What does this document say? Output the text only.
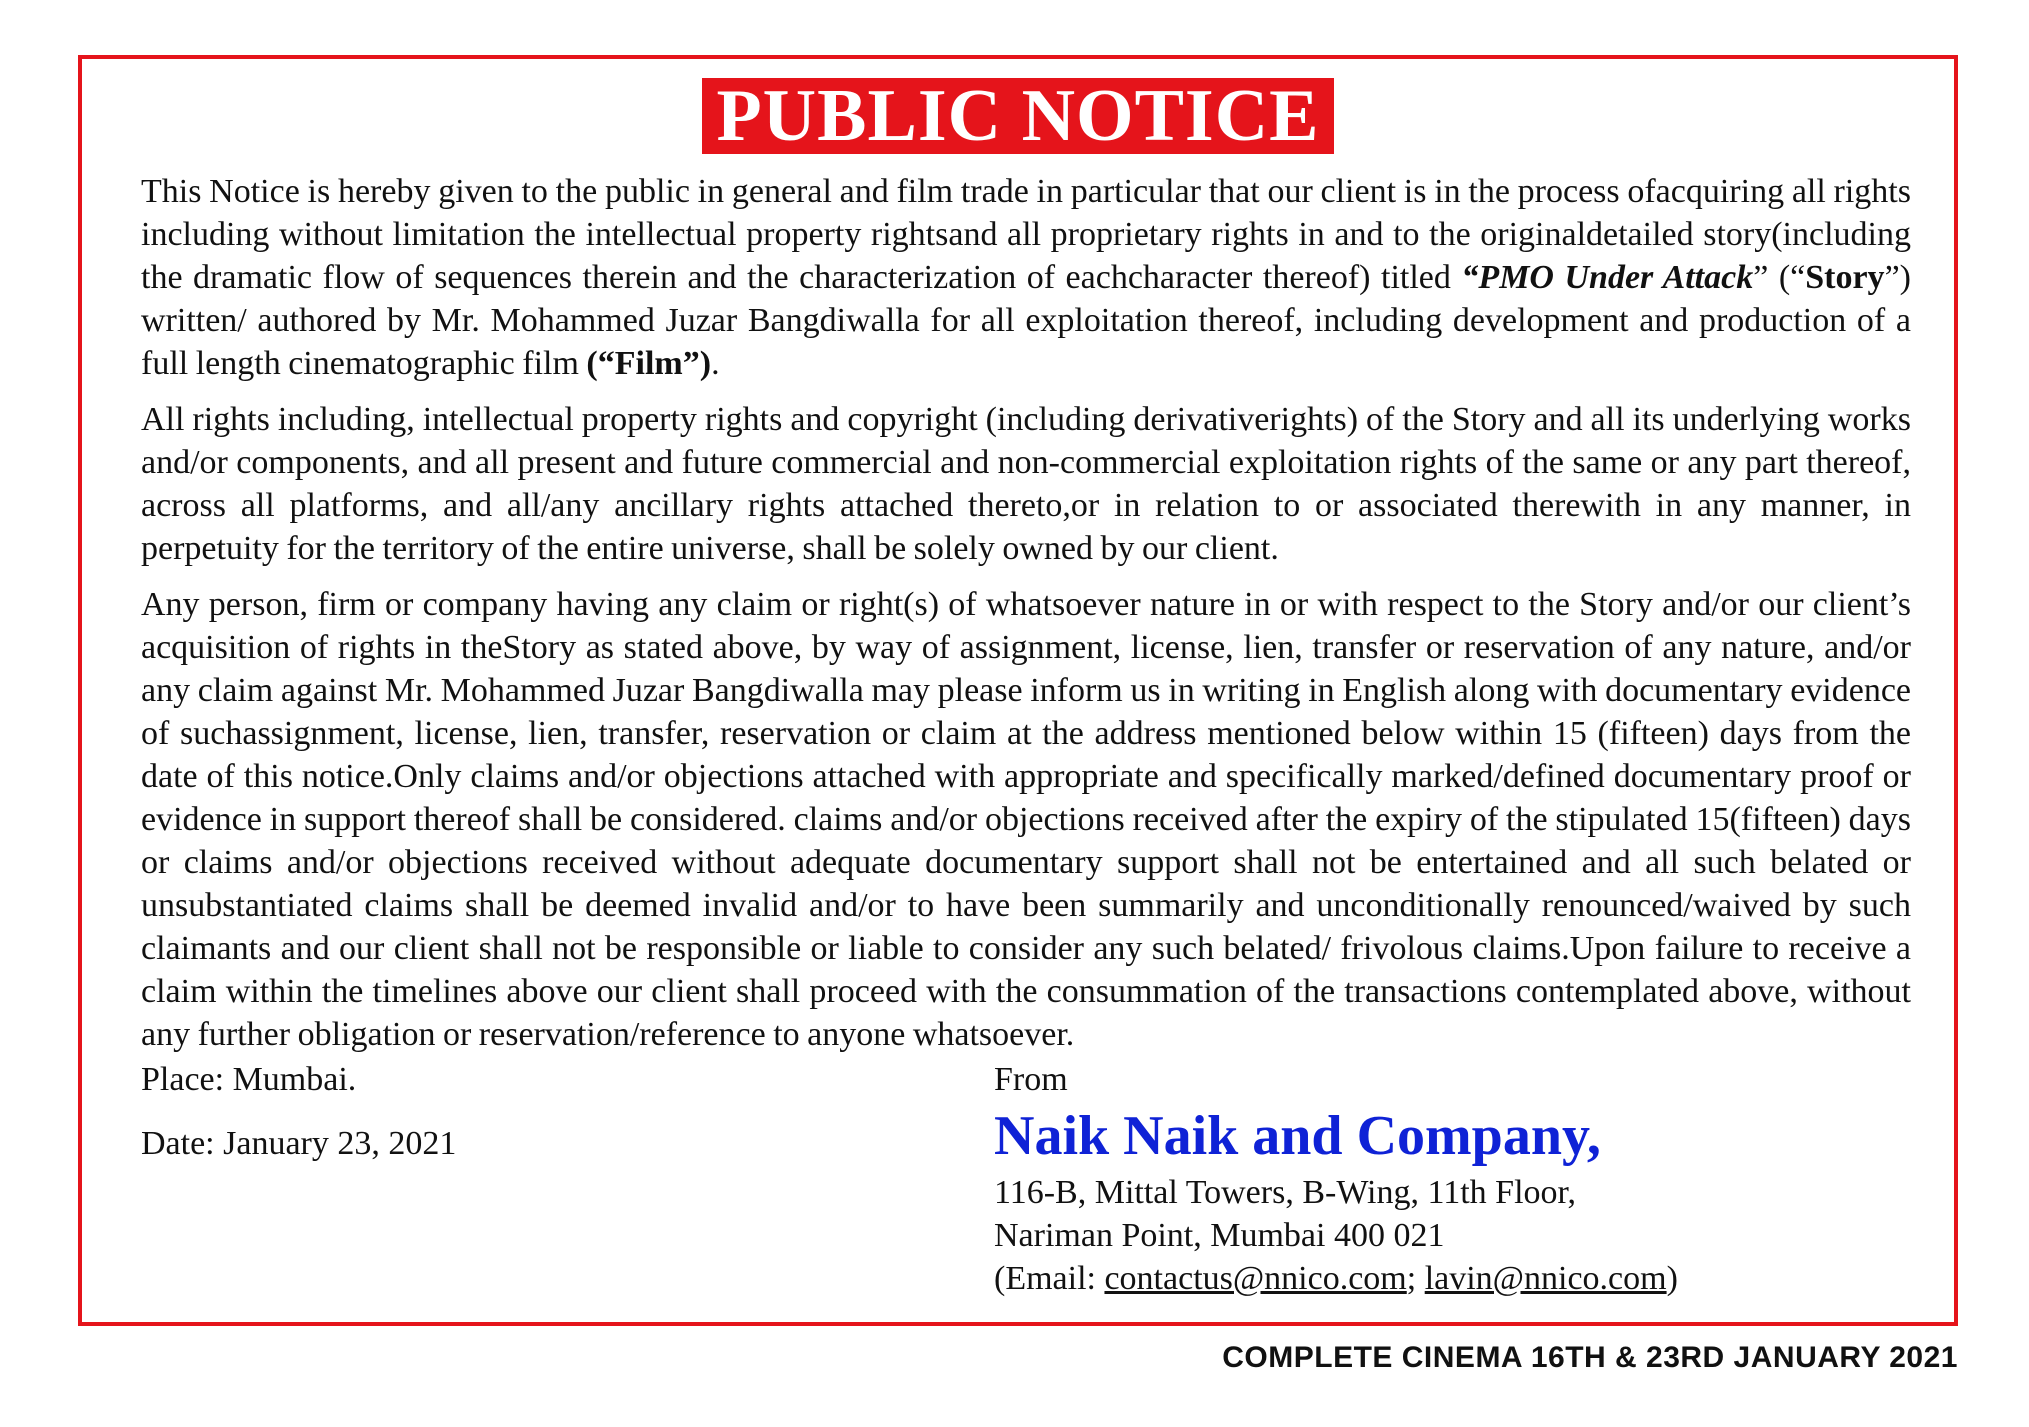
PUBLIC NOTICE

This Notice is hereby given to the public in general and film trade in particular that our client is in the process ofacquiring all rights including without limitation the intellectual property rightsand all proprietary rights in and to the originaldetailed story(including the dramatic flow of sequences therein and the characterization of eachcharacter thereof) titled “PMO Under Attack” (“Story”) written/ authored by Mr. Mohammed Juzar Bangdiwalla for all exploitation thereof, including development and production of a full length cinematographic film (“Film”).

All rights including, intellectual property rights and copyright (including derivativerights) of the Story and all its underlying works and/or components, and all present and future commercial and non-commercial exploitation rights of the same or any part thereof, across all platforms, and all/any ancillary rights attached thereto,or in relation to or associated therewith in any manner, in perpetuity for the territory of the entire universe, shall be solely owned by our client.

Any person, firm or company having any claim or right(s) of whatsoever nature in or with respect to the Story and/or our client’s acquisition of rights in theStory as stated above, by way of assignment, license, lien, transfer or reservation of any nature, and/or any claim against Mr. Mohammed Juzar Bangdiwalla may please inform us in writing in English along with documentary evidence of suchassignment, license, lien, transfer, reservation or claim at the address mentioned below within 15 (fifteen) days from the date of this notice.Only claims and/or objections attached with appropriate and specifically marked/defined documentary proof or evidence in support thereof shall be considered. claims and/or objections received after the expiry of the stipulated 15(fifteen) days or claims and/or objections received without adequate documentary support shall not be entertained and all such belated or unsubstantiated claims shall be deemed invalid and/or to have been summarily and unconditionally renounced/waived by such claimants and our client shall not be responsible or liable to consider any such belated/ frivolous claims.Upon failure to receive a claim within the timelines above our client shall proceed with the consummation of the transactions contemplated above, without any further obligation or reservation/reference to anyone whatsoever.

Place: Mumbai.
Date: January 23, 2021
From
Naik Naik and Company,
116-B, Mittal Towers, B-Wing, 11th Floor,
Nariman Point, Mumbai 400 021
(Email: contactus@nnico.com; lavin@nnico.com)
COMPLETE CINEMA 16TH & 23RD JANUARY 2021
